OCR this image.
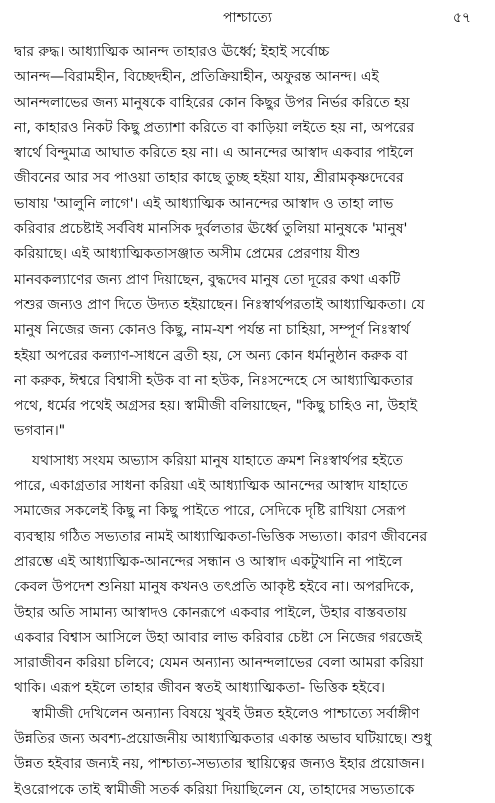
পাশ্চাত্যে	৫৭
দ্বার রুদ্ধ। আধ্যাত্মিক আনন্দ তাহারও ঊর্ধ্বে; ইহাই সর্বোচ্চ
আনন্দ—বিরামহীন, বিচ্ছেদহীন, প্রতিক্রিয়াহীন, অফুরন্ত আনন্দ। এই
আনন্দলাভের জন্য মানুষকে বাহিরের কোন কিছুর উপর নির্ভর করিতে হয়
না, কাহারও নিকট কিছু প্রত্যাশা করিতে বা কাড়িয়া লইতে হয় না, অপরের
স্বার্থে বিন্দুমাত্র আঘাত করিতে হয় না। এ আনন্দের আস্বাদ একবার পাইলে
জীবনের আর সব পাওয়া তাহার কাছে তুচ্ছ হইয়া যায়, শ্রীরামকৃষ্ণদেবের
ভাষায় 'আলুনি লাগে'। এই আধ্যাত্মিক আনন্দের আস্বাদ ও তাহা লাভ
করিবার প্রচেষ্টাই সর্ববিধ মানসিক দুর্বলতার ঊর্ধ্বে তুলিয়া মানুষকে 'মানুষ'
করিয়াছে। এই আধ্যাত্মিকতাসঞ্জাত অসীম প্রেমের প্রেরণায় যীশু
মানবকল্যাণের জন্য প্রাণ দিয়াছেন, বুদ্ধদেব মানুষ তো দূরের কথা একটি
পশুর জন্যও প্রাণ দিতে উদ্যত হইয়াছেন। নিঃস্বার্থপরতাই আধ্যাত্মিকতা। যে
মানুষ নিজের জন্য কোনও কিছু, নাম-যশ পর্যন্ত না চাহিয়া, সম্পূর্ণ নিঃস্বার্থ
হইয়া অপরের কল্যাণ-সাধনে ব্রতী হয়, সে অন্য কোন ধর্মানুষ্ঠান করুক বা
না করুক, ঈশ্বরে বিশ্বাসী হউক বা না হউক, নিঃসন্দেহে সে আধ্যাত্মিকতার
পথে, ধর্মের পথেই অগ্রসর হয়। স্বামীজী বলিয়াছেন, "কিছু চাহিও না, উহাই
ভগবান।"
যথাসাধ্য সংযম অভ্যাস করিয়া মানুষ যাহাতে ক্রমশ নিঃস্বার্থপর হইতে
পারে, একাগ্রতার সাধনা করিয়া এই আধ্যাত্মিক আনন্দের আস্বাদ যাহাতে
সমাজের সকলেই কিছু না কিছু পাইতে পারে, সেদিকে দৃষ্টি রাখিয়া সেরূপ
ব্যবস্থায় গঠিত সভ্যতার নামই আধ্যাত্মিকতা-ভিত্তিক সভ্যতা। কারণ জীবনের
প্রারম্ভে এই আধ্যাত্মিক-আনন্দের সন্ধান ও আস্বাদ একটুখানি না পাইলে
কেবল উপদেশ শুনিয়া মানুষ কখনও তৎপ্রতি আকৃষ্ট হইবে না। অপরদিকে,
উহার অতি সামান্য আস্বাদও কোনরূপে একবার পাইলে, উহার বাস্তবতায়
একবার বিশ্বাস আসিলে উহা আবার লাভ করিবার চেষ্টা সে নিজের গরজেই
সারাজীবন করিয়া চলিবে; যেমন অন্যান্য আনন্দলাভের বেলা আমরা করিয়া
থাকি। এরূপ হইলে তাহার জীবন স্বতই আধ্যাত্মিকতা- ভিত্তিক হইবে।
স্বামীজী দেখিলেন অন্যান্য বিষয়ে খুবই উন্নত হইলেও পাশ্চাত্যে সর্বাঙ্গীণ
উন্নতির জন্য অবশ্য-প্রয়োজনীয় আধ্যাত্মিকতার একান্ত অভাব ঘটিয়াছে। শুধু
উন্নত হইবার জন্যই নয়, পাশ্চাত্য-সভ্যতার স্থায়িত্বের জন্যও ইহার প্রয়োজন।
ইওরোপকে তাই স্বামীজী সতর্ক করিয়া দিয়াছিলেন যে, তাহাদের সভ্যতাকে
